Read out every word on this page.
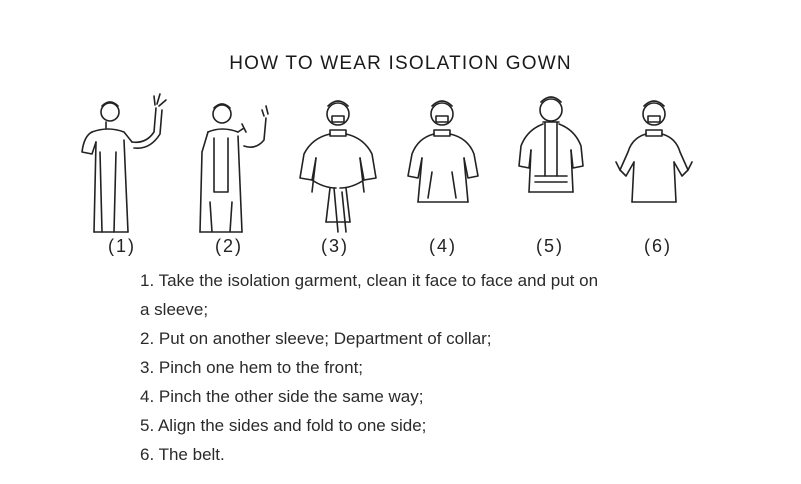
HOW TO WEAR ISOLATION GOWN
(1)	(2)	(3)	(4)	(5)	(6)
1. Take the isolation garment, clean it face to face and put on
a sleeve;
2. Put on another sleeve; Department of collar;
3. Pinch one hem to the front;
4. Pinch the other side the same way;
5. Align the sides and fold to one side;
6. The belt.
